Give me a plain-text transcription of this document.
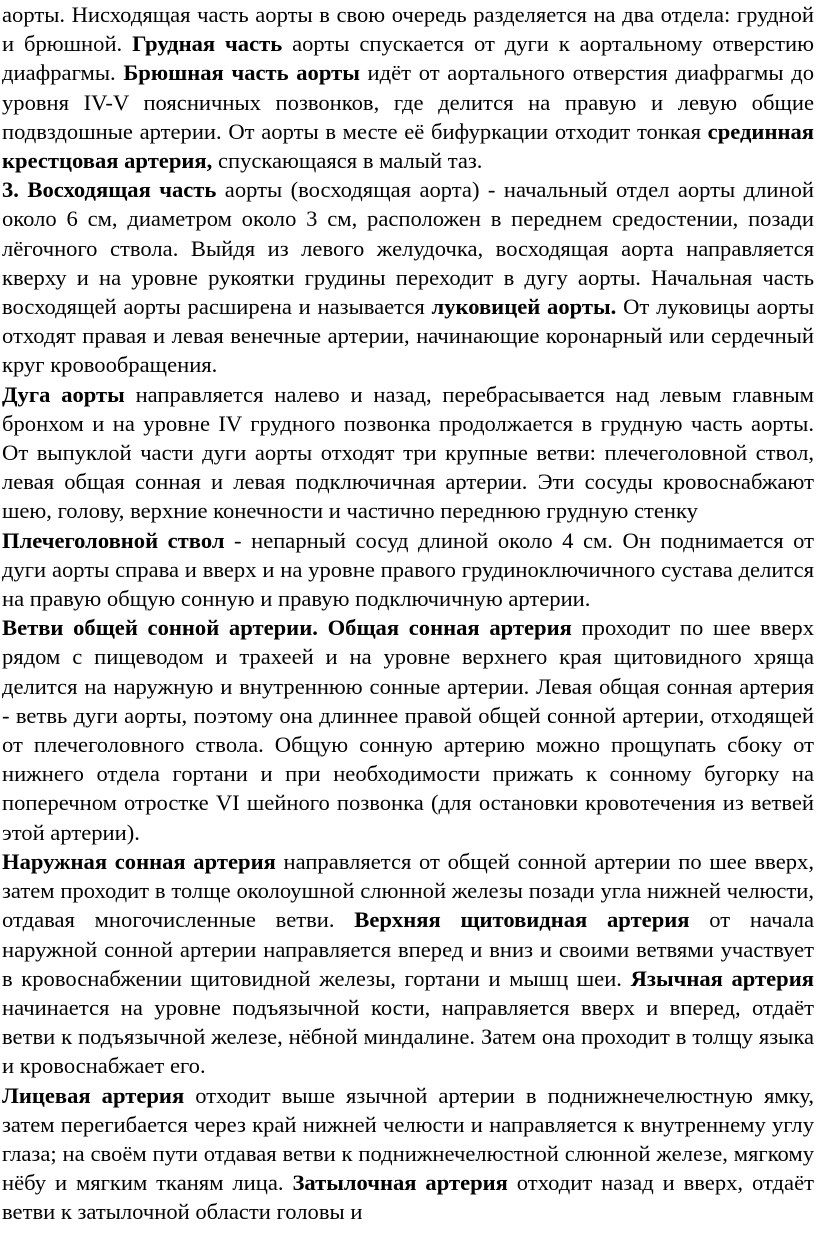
аорты. Нисходящая часть аорты в свою очередь разделяется на два отдела: грудной и брюшной. Грудная часть аорты спускается от дуги к аортальному отверстию диафрагмы. Брюшная часть аорты идёт от аортального отверстия диафрагмы до уровня IV-V поясничных позвонков, где делится на правую и левую общие подвздошные артерии. От аорты в месте её бифуркации отходит тонкая срединная крестцовая артерия, спускающаяся в малый таз.

3. Восходящая часть аорты (восходящая аорта) - начальный отдел аорты длиной около 6 см, диаметром около 3 см, расположен в переднем средостении, позади лёгочного ствола. Выйдя из левого желудочка, восходящая аорта направляется кверху и на уровне рукоятки грудины переходит в дугу аорты. Начальная часть восходящей аорты расширена и называется луковицей аорты. От луковицы аорты отходят правая и левая венечные артерии, начинающие коронарный или сердечный круг кровообращения.

Дуга аорты направляется налево и назад, перебрасывается над левым главным бронхом и на уровне IV грудного позвонка продолжается в грудную часть аорты. От выпуклой части дуги аорты отходят три крупные ветви: плечеголовной ствол, левая общая сонная и левая подключичная артерии. Эти сосуды кровоснабжают шею, голову, верхние конечности и частично переднюю грудную стенку

Плечеголовной ствол - непарный сосуд длиной около 4 см. Он поднимается от дуги аорты справа и вверх и на уровне правого грудиноключичного сустава делится на правую общую сонную и правую подключичную артерии.

Ветви общей сонной артерии. Общая сонная артерия проходит по шее вверх рядом с пищеводом и трахеей и на уровне верхнего края щитовидного хряща делится на наружную и внутреннюю сонные артерии. Левая общая сонная артерия - ветвь дуги аорты, поэтому она длиннее правой общей сонной артерии, отходящей от плечеголовного ствола. Общую сонную артерию можно прощупать сбоку от нижнего отдела гортани и при необходимости прижать к сонному бугорку на поперечном отростке VI шейного позвонка (для остановки кровотечения из ветвей этой артерии).

Наружная сонная артерия направляется от общей сонной артерии по шее вверх, затем проходит в толще околоушной слюнной железы позади угла нижней челюсти, отдавая многочисленные ветви. Верхняя щитовидная артерия от начала наружной сонной артерии направляется вперед и вниз и своими ветвями участвует в кровоснабжении щитовидной железы, гортани и мышц шеи. Язычная артерия начинается на уровне подъязычной кости, направляется вверх и вперед, отдаёт ветви к подъязычной железе, нёбной миндалине. Затем она проходит в толщу языка и кровоснабжает его.

Лицевая артерия отходит выше язычной артерии в поднижнечелюстную ямку, затем перегибается через край нижней челюсти и направляется к внутреннему углу глаза; на своём пути отдавая ветви к поднижнечелюстной слюнной железе, мягкому нёбу и мягким тканям лица. Затылочная артерия отходит назад и вверх, отдаёт ветви к затылочной области головы и
